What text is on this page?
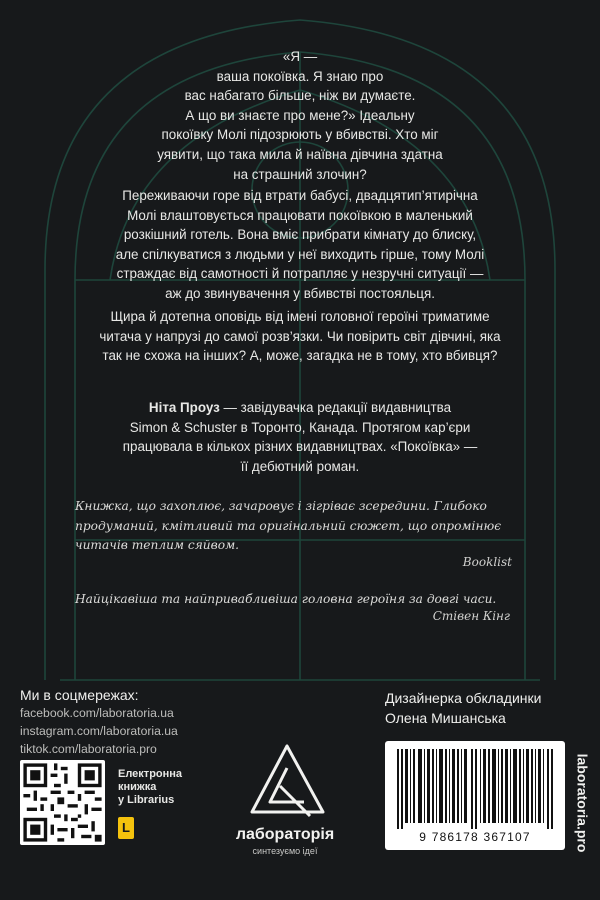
«Я —

ваша покоївка. Я знаю про

вас набагато більше, ніж ви думаєте.

А що ви знаєте про мене?» Ідеальну

покоївку Молі підозрюють у вбивстві. Хто міг

уявити, що така мила й наївна дівчина здатна

на страшний злочин?

Переживаючи горе від втрати бабусі, двадцятип’ятирічна

Молі влаштовується працювати покоївкою в маленький

розкішний готель. Вона вміє прибрати кімнату до блиску,

але спілкуватися з людьми у неї виходить гірше, тому Молі

страждає від самотності й потрапляє у незручні ситуації —

аж до звинувачення у вбивстві постояльця.

Щира й дотепна оповідь від імені головної героїні триматиме

читача у напрузі до самої розв’язки. Чи повірить світ дівчині, яка

так не схожа на інших? А, може, загадка не в тому, хто вбивця?

Ніта Проуз — завідувачка редакції видавництва

Simon & Schuster в Торонто, Канада. Протягом кар’єри

працювала в кількох різних видавництвах. «Покоївка» —

її дебютний роман.

Книжка, що захоплює, зачаровує і зігріває зсередини. Глибоко
продуманий, кмітливий та оригінальний сюжет, що опромінює
читачів теплим сяйвом.
Booklist
Найцікавіша та найпривабливіша головна героїня за довгі часи.
Стівен Кінг
Ми в соцмережах:
facebook.com/laboratoria.ua
instagram.com/laboratoria.ua
tiktok.com/laboratoria.pro
Електронна
книжка
у Librarius
L	лабораторія
синтезуємо ідеї
Дизайнерка обкладинки
Олена Мишанська
9 786178 367107	laboratoria.pro
